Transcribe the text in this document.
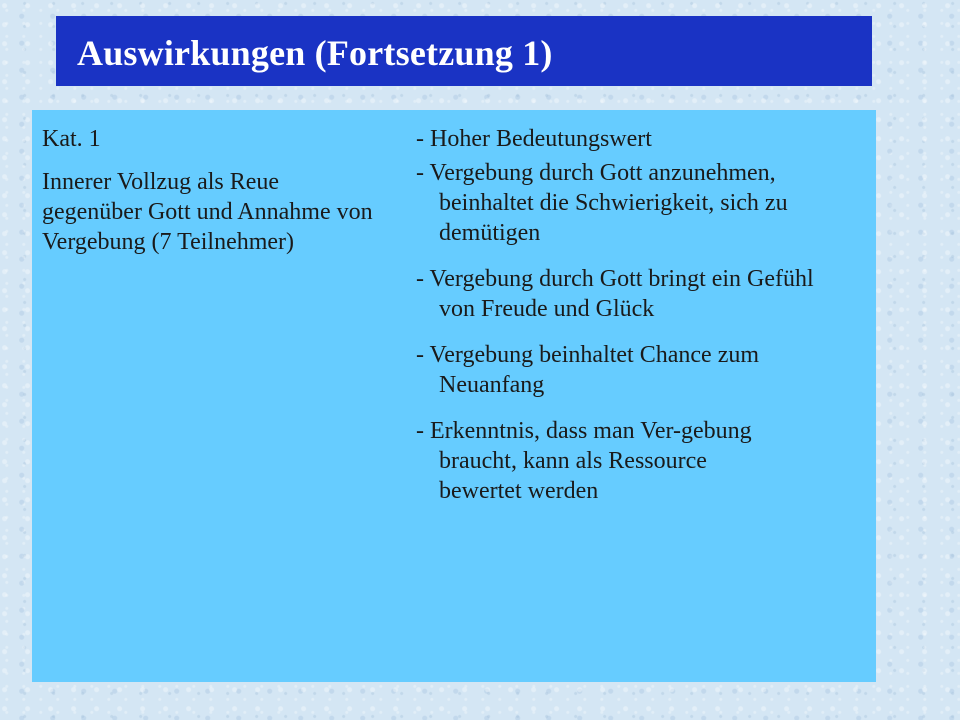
Auswirkungen (Fortsetzung 1)
Kat. 1
Innerer Vollzug als Reue gegenüber Gott und Annahme von Vergebung (7 Teilnehmer)
- Hoher Bedeutungswert
- Vergebung durch Gott anzunehmen, beinhaltet die Schwierigkeit, sich zu demütigen
- Vergebung durch Gott bringt ein Gefühl von Freude und Glück
- Vergebung beinhaltet Chance zum Neuanfang
- Erkenntnis, dass man Ver-gebung braucht, kann als Ressource bewertet werden
